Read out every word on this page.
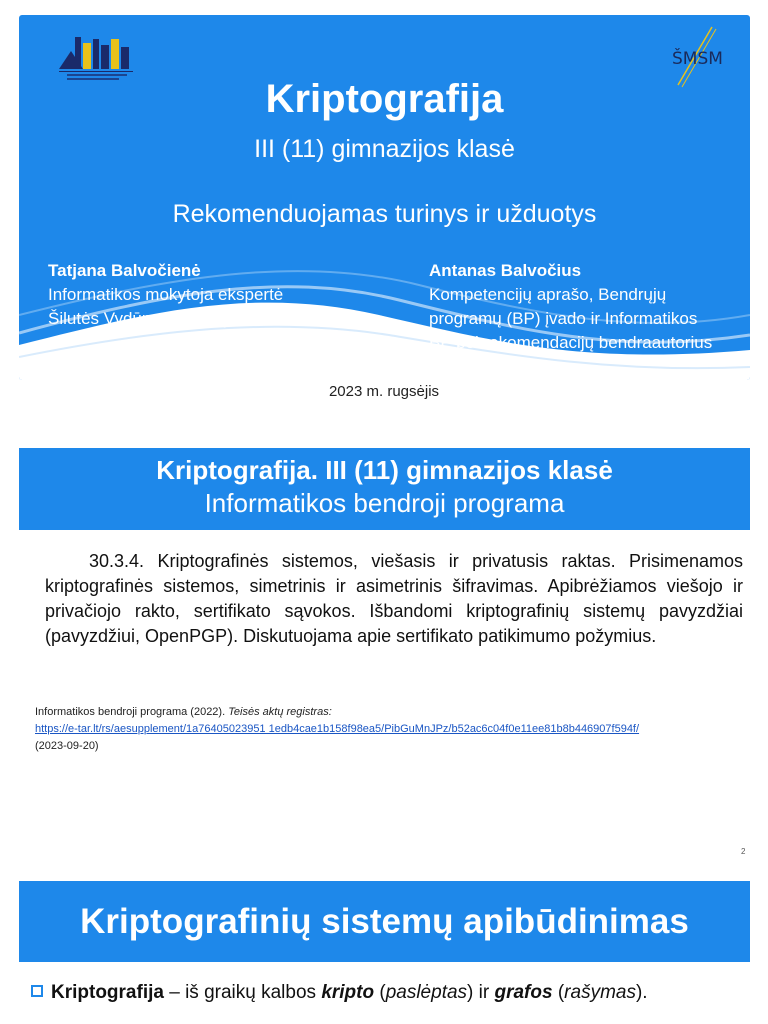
ŠMSM
Kriptografija
III (11) gimnazijos klasė
Rekomenduojamas turinys ir užduotys
Tatjana Balvočienė
Informatikos mokytoja ekspertė
Šilutės Vydūno gimnazija
Antanas Balvočius
Kompetencijų aprašo, Bendrųjų
programų (BP) įvado ir Informatikos
BP bei rekomendacijų bendraautorius
2023 m. rugsėjis
Kriptografija. III (11) gimnazijos klasė
Informatikos bendroji programa
30.3.4. Kriptografinės sistemos, viešasis ir privatusis raktas. Prisimenamos kriptografinės sistemos, simetrinis ir asimetrinis šifravimas. Apibrėžiamos viešojo ir privačiojo rakto, sertifikato sąvokos. Išbandomi kriptografinių sistemų pavyzdžiai (pavyzdžiui, OpenPGP). Diskutuojama apie sertifikato patikimumo požymius.
Informatikos bendroji programa (2022). Teisės aktų registras:
https://e-tar.lt/rs/aesupplement/1a76405023951 1edb4cae1b158f98ea5/PibGuMnJPz/b52ac6c04f0e11ee81b8b446907f594f/
(2023-09-20)
2
Kriptografinių sistemų apibūdinimas
Kriptografija – iš graikų kalbos kripto (paslėptas) ir grafos (rašymas).
